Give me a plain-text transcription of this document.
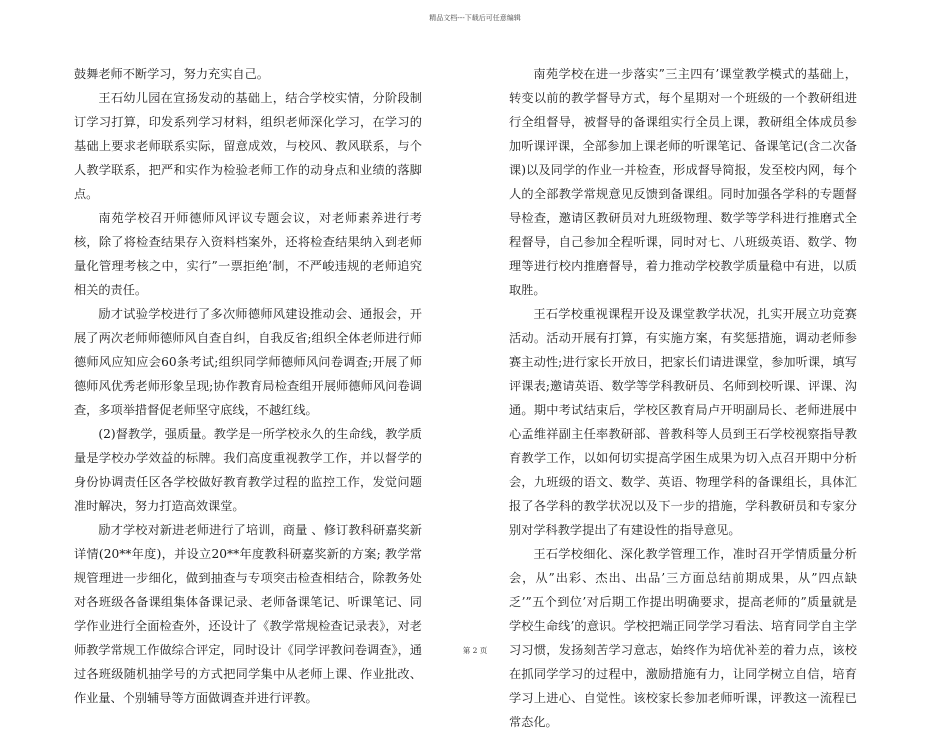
精品文档---下载后可任意编辑

鼓舞老师不断学习，努力充实自己。

王石幼儿园在宣扬发动的基础上，结合学校实情，分阶段制订学习打算，印发系列学习材料，组织老师深化学习，在学习的基础上要求老师联系实际，留意成效，与校风、教风联系，与个人教学联系，把严和实作为检验老师工作的动身点和业绩的落脚点。

南苑学校召开师德师风评议专题会议，对老师素养进行考核，除了将检查结果存入资料档案外，还将检查结果纳入到老师量化管理考核之中，实行”一票拒绝’制，不严峻违规的老师追究相关的责任。

励才试验学校进行了多次师德师风建设推动会、通报会，开展了两次老师师德师风自查自纠，自我反省;组织全体老师进行师德师风应知应会60条考试;组织同学师德师风问卷调查;开展了师德师风优秀老师形象呈现;协作教育局检查组开展师德师风问卷调查，多项举措督促老师坚守底线，不越红线。

(2)督教学，强质量。教学是一所学校永久的生命线，教学质量是学校办学效益的标牌。我们高度重视教学工作，并以督学的身份协调责任区各学校做好教育教学过程的监控工作，发觉问题准时解决，努力打造高效课堂。

励才学校对新进老师进行了培训，商量 、修订教科研嘉奖新详情(20**年度)，并设立20**年度教科研嘉奖新的方案; 教学常规管理进一步细化，做到抽查与专项突击检查相结合，除教务处对各班级各备课组集体备课记录、老师备课笔记、听课笔记、同学作业进行全面检查外，还设计了《教学常规检查记录表》，对老师教学常规工作做综合评定，同时设计《同学评教问卷调查》，通过各班级随机抽学号的方式把同学集中从老师上课、作业批改、作业量、个别辅导等方面做调查并进行评教。

南苑学校在进一步落实”三主四有’课堂教学模式的基础上，转变以前的教学督导方式，每个星期对一个班级的一个教研组进行全组督导，被督导的备课组实行全员上课，教研组全体成员参加听课评课，全部参加上课老师的听课笔记、备课笔记(含二次备课)以及同学的作业一并检查，形成督导简报，发至校内网，每个人的全部教学常规意见反馈到备课组。同时加强各学科的专题督导检查，邀请区教研员对九班级物理、数学等学科进行推磨式全程督导，自己参加全程听课，同时对七、八班级英语、数学、物理等进行校内推磨督导，着力推动学校教学质量稳中有进，以质取胜。

王石学校重视课程开设及课堂教学状况，扎实开展立功竞赛活动。活动开展有打算，有实施方案，有奖惩措施，调动老师参赛主动性;进行家长开放日，把家长们请进课堂，参加听课，填写评课表;邀请英语、数学等学科教研员、名师到校听课、评课、沟通。期中考试结束后，学校区教育局卢开明副局长、老师进展中心孟维祥副主任率教研部、普教科等人员到王石学校视察指导教育教学工作，以如何切实提高学困生成果为切入点召开期中分析会，九班级的语文、数学、英语、物理学科的备课组长，具体汇报了各学科的教学状况以及下一步的措施，学科教研员和专家分别对学科教学提出了有建设性的指导意见。

王石学校细化、深化教学管理工作，准时召开学情质量分析会，从”出彩、杰出、出品’三方面总结前期成果，从”四点缺乏’”五个到位’对后期工作提出明确要求，提高老师的”质量就是学校生命线’的意识。学校把端正同学学习看法、培育同学自主学习习惯，发扬刻苦学习意志，始终作为培优补差的着力点，该校在抓同学学习的过程中，激励措施有力，让同学树立自信，培育学习上进心、自觉性。该校家长参加老师听课，评教这一流程已常态化。

第 2 页
